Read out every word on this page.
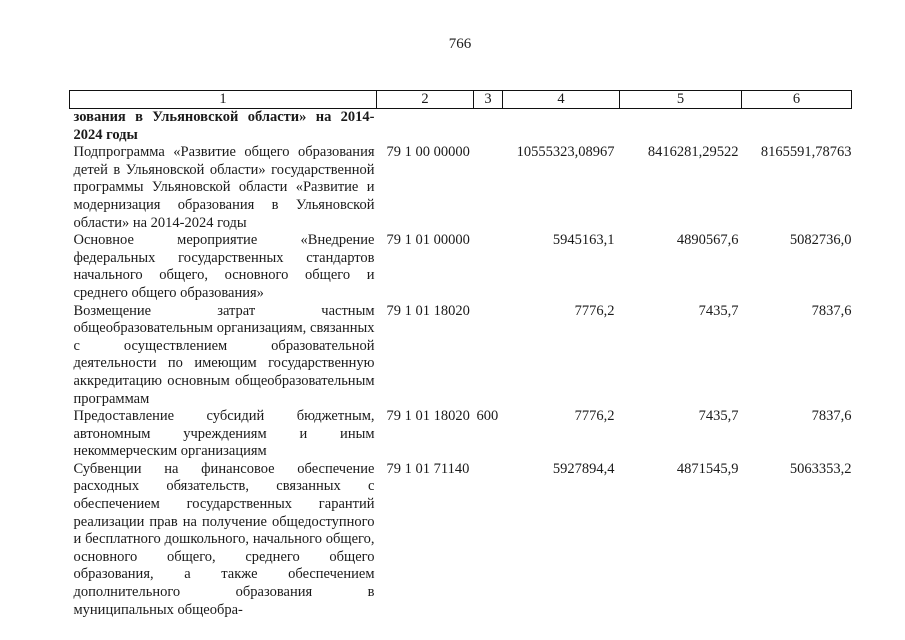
766
1	2	3	4	5	6
зования в Ульяновской области» на 2014-2024 годы					
Подпрограмма «Развитие общего образования детей в Ульяновской области» государственной программы Ульяновской области «Развитие и модернизация образования в Ульяновской области» на 2014-2024 годы	79 1 00 00000		10555323,08967	8416281,29522	8165591,78763
Основное мероприятие «Внедрение федеральных государственных стандартов начального общего, основного общего и среднего общего образования»	79 1 01 00000		5945163,1	4890567,6	5082736,0
Возмещение затрат частным общеобразовательным организациям, связанных с осуществлением образовательной деятельности по имеющим государственную аккредитацию основным общеобразовательным программам	79 1 01 18020		7776,2	7435,7	7837,6
Предоставление субсидий бюджетным, автономным учреждениям и иным некоммерческим организациям	79 1 01 18020	600	7776,2	7435,7	7837,6
Субвенции на финансовое обеспечение расходных обязательств, связанных с обеспечением государственных гарантий реализации прав на получение общедоступного и бесплатного дошкольного, начального общего, основного общего, среднего общего образования, а также обеспечением дополнительного образования в муниципальных общеобра-	79 1 01 71140		5927894,4	4871545,9	5063353,2
